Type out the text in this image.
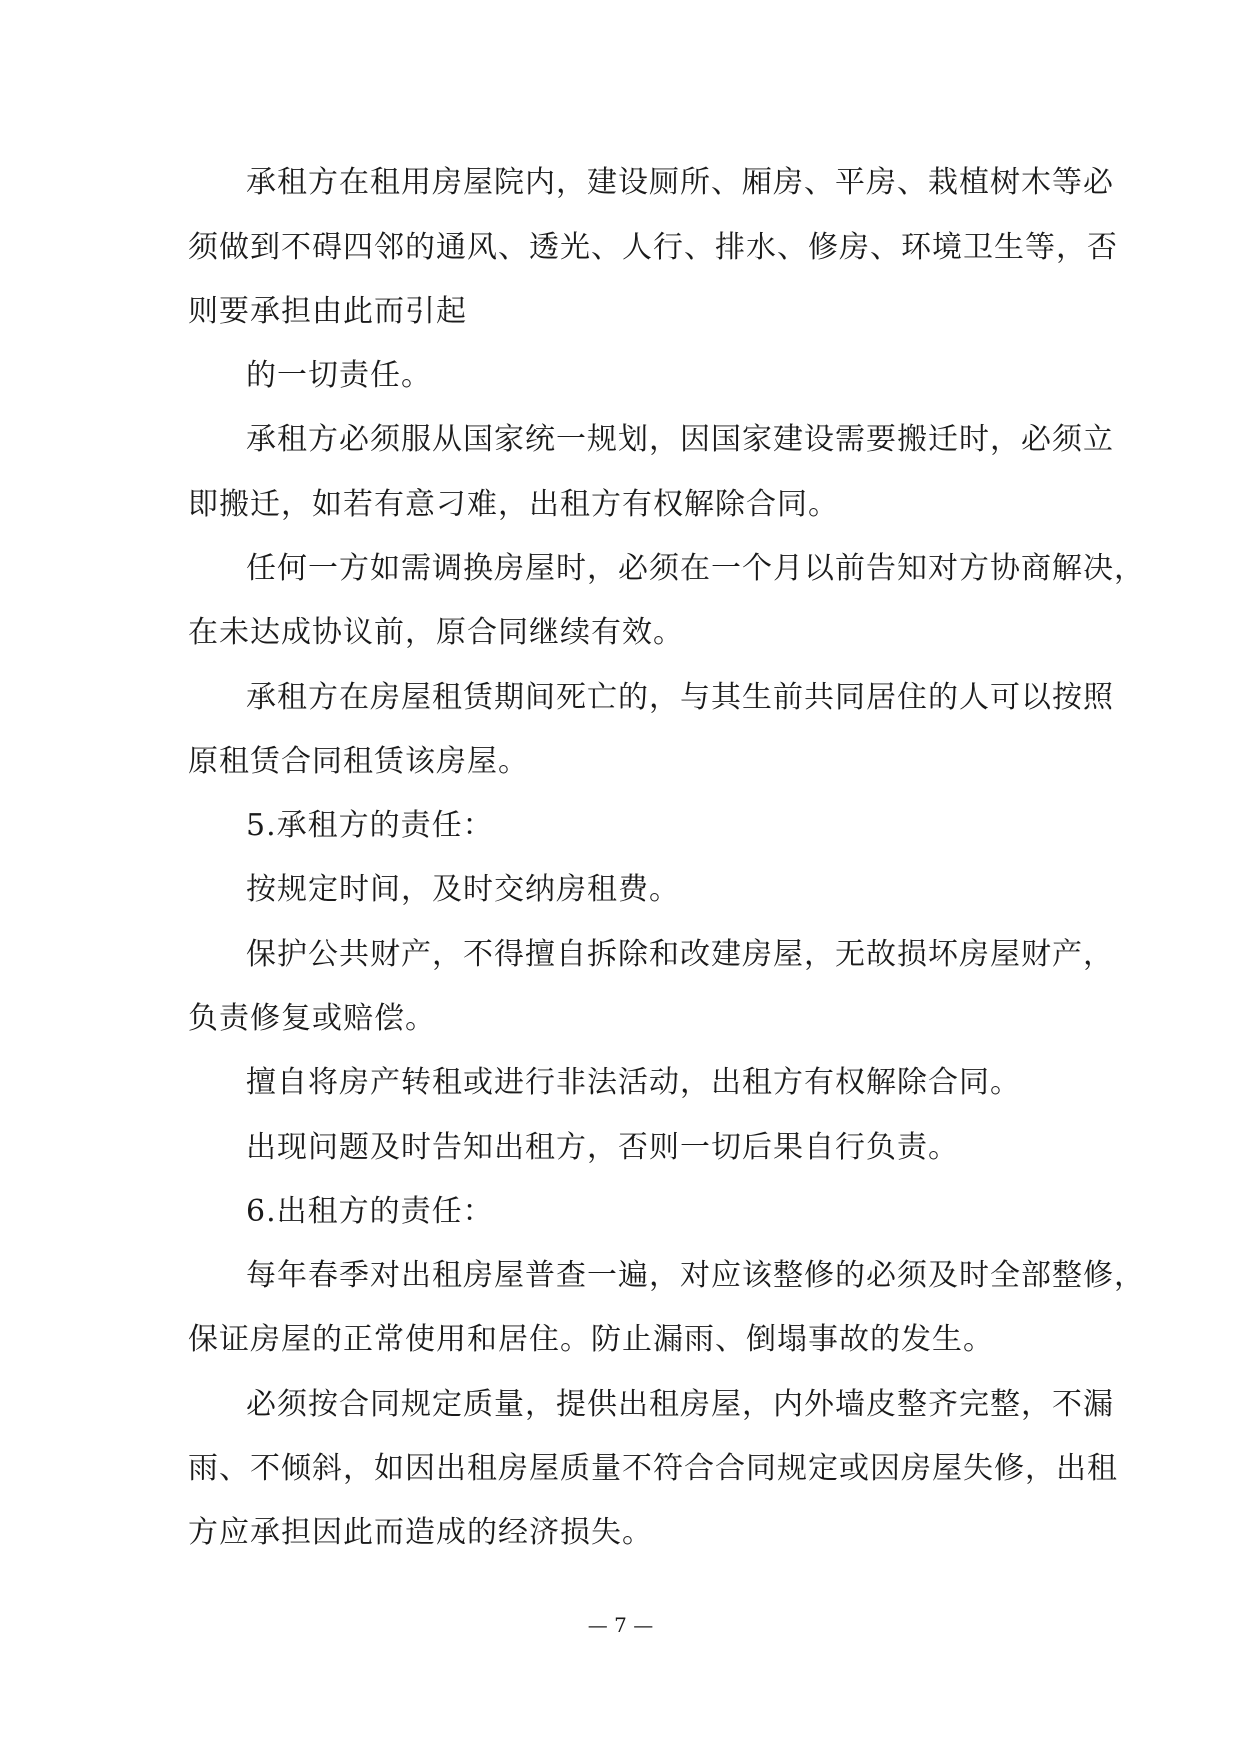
承租方在租用房屋院内，建设厕所、厢房、平房、栽植树木等必

须做到不碍四邻的通风、透光、人行、排水、修房、环境卫生等，否

则要承担由此而引起

的一切责任。

承租方必须服从国家统一规划，因国家建设需要搬迁时，必须立

即搬迁，如若有意刁难，出租方有权解除合同。

任何一方如需调换房屋时，必须在一个月以前告知对方协商解决，

在未达成协议前，原合同继续有效。

承租方在房屋租赁期间死亡的，与其生前共同居住的人可以按照

原租赁合同租赁该房屋。

5.承租方的责任：

按规定时间，及时交纳房租费。

保护公共财产，不得擅自拆除和改建房屋，无故损坏房屋财产，

负责修复或赔偿。

擅自将房产转租或进行非法活动，出租方有权解除合同。

出现问题及时告知出租方，否则一切后果自行负责。

6.出租方的责任：

每年春季对出租房屋普查一遍，对应该整修的必须及时全部整修，

保证房屋的正常使用和居住。防止漏雨、倒塌事故的发生。

必须按合同规定质量，提供出租房屋，内外墙皮整齐完整，不漏

雨、不倾斜，如因出租房屋质量不符合合同规定或因房屋失修，出租

方应承担因此而造成的经济损失。

— 7 —
